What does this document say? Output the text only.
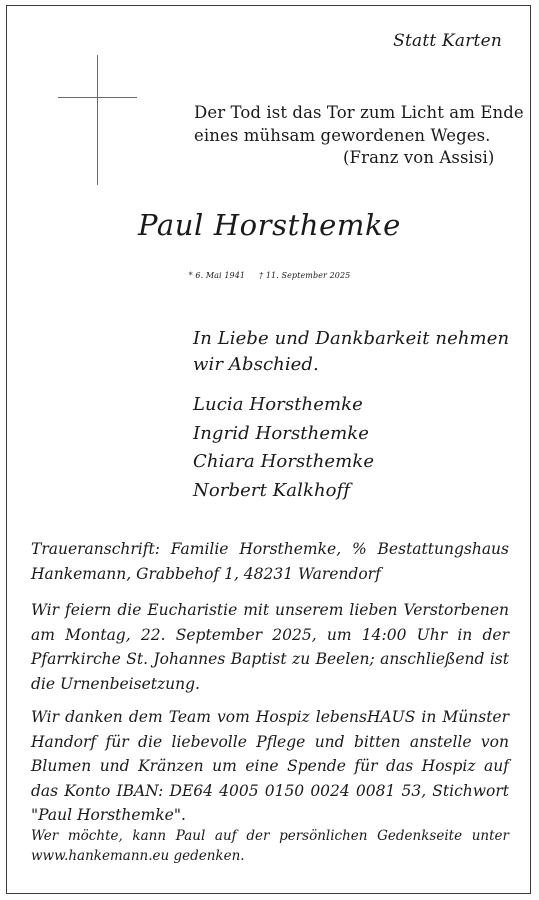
Statt Karten
Der Tod ist das Tor zum Licht am Ende
eines mühsam gewordenen Weges.
(Franz von Assisi)
Paul Horsthemke
* 6. Mai 1941 † 11. September 2025
In Liebe und Dankbarkeit nehmen
wir Abschied.
Lucia Horsthemke
Ingrid Horsthemke
Chiara Horsthemke
Norbert Kalkhoff
Traueranschrift: Familie Horsthemke, % Bestattungshaus
Hankemann, Grabbehof 1, 48231 Warendorf
Wir feiern die Eucharistie mit unserem lieben Verstorbenen
am Montag, 22. September 2025, um 14:00 Uhr in der
Pfarrkirche St. Johannes Baptist zu Beelen; anschließend ist
die Urnenbeisetzung.
Wir danken dem Team vom Hospiz lebensHAUS in Münster
Handorf für die liebevolle Pflege und bitten anstelle von
Blumen und Kränzen um eine Spende für das Hospiz auf
das Konto IBAN: DE64 4005 0150 0024 0081 53, Stichwort
"Paul Horsthemke".
Wer möchte, kann Paul auf der persönlichen Gedenkseite unter
www.hankemann.eu gedenken.
